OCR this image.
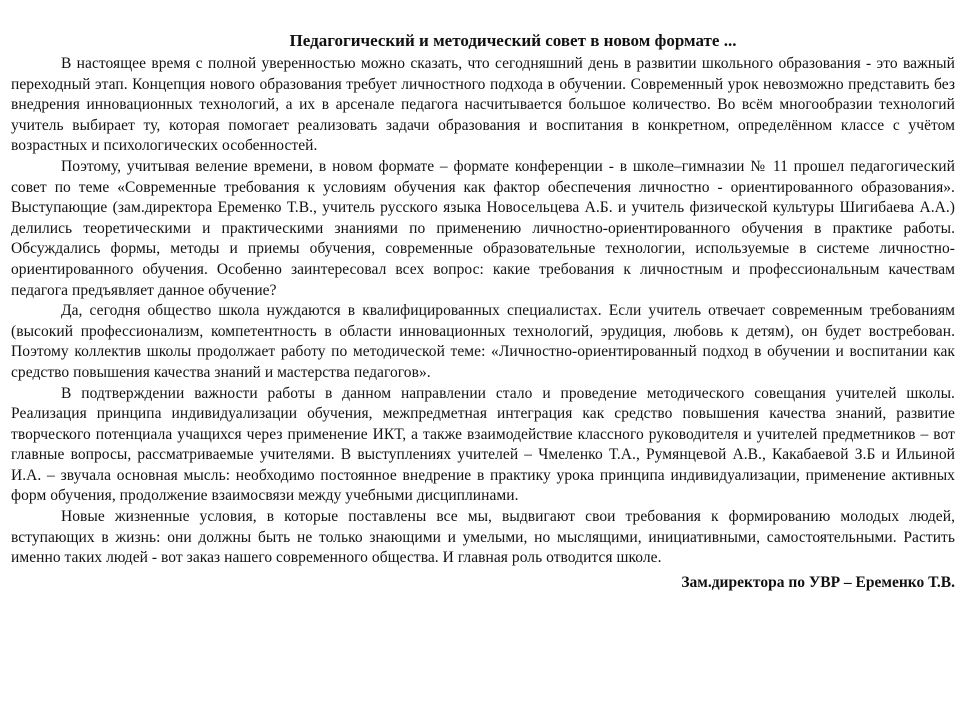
Педагогический и методический совет в новом формате ...

В настоящее время с полной уверенностью можно сказать, что сегодняшний день в развитии школьного образования - это важный переходный этап. Концепция нового образования требует личностного подхода в обучении. Современный урок невозможно представить без внедрения инновационных технологий, а их в арсенале педагога насчитывается большое количество. Во всём многообразии технологий учитель выбирает ту, которая помогает реализовать задачи образования и воспитания в конкретном, определённом классе с учётом возрастных и психологических особенностей.

Поэтому, учитывая веление времени, в новом формате – формате конференции - в школе–гимназии № 11 прошел педагогический совет по теме «Современные требования к условиям обучения как фактор обеспечения личностно - ориентированного образования». Выступающие (зам.директора Еременко Т.В., учитель русского языка Новосельцева А.Б. и учитель физической культуры Шигибаева А.А.) делились теоретическими и практическими знаниями по применению личностно-ориентированного обучения в практике работы. Обсуждались формы, методы и приемы обучения, современные образовательные технологии, используемые в системе личностно-ориентированного обучения. Особенно заинтересовал всех вопрос: какие требования к личностным и профессиональным качествам педагога предъявляет данное обучение?

Да, сегодня общество школа нуждаются в квалифицированных специалистах. Если учитель отвечает современным требованиям (высокий профессионализм, компетентность в области инновационных технологий, эрудиция, любовь к детям), он будет востребован. Поэтому коллектив школы продолжает работу по методической теме: «Личностно-ориентированный подход в обучении и воспитании как средство повышения качества знаний и мастерства педагогов».

В подтверждении важности работы в данном направлении стало и проведение методического совещания учителей школы. Реализация принципа индивидуализации обучения, межпредметная интеграция как средство повышения качества знаний, развитие творческого потенциала учащихся через применение ИКТ, а также взаимодействие классного руководителя и учителей предметников – вот главные вопросы, рассматриваемые учителями. В выступлениях учителей – Чмеленко Т.А., Румянцевой А.В., Какабаевой З.Б и Ильиной И.А. – звучала основная мысль: необходимо постоянное внедрение в практику урока принципа индивидуализации, применение активных форм обучения, продолжение взаимосвязи между учебными дисциплинами.

Новые жизненные условия, в которые поставлены все мы, выдвигают свои требования к формированию молодых людей, вступающих в жизнь: они должны быть не только знающими и умелыми, но мыслящими, инициативными, самостоятельными. Растить именно таких людей - вот заказ нашего современного общества. И главная роль отводится школе.

Зам.директора по УВР – Еременко Т.В.
